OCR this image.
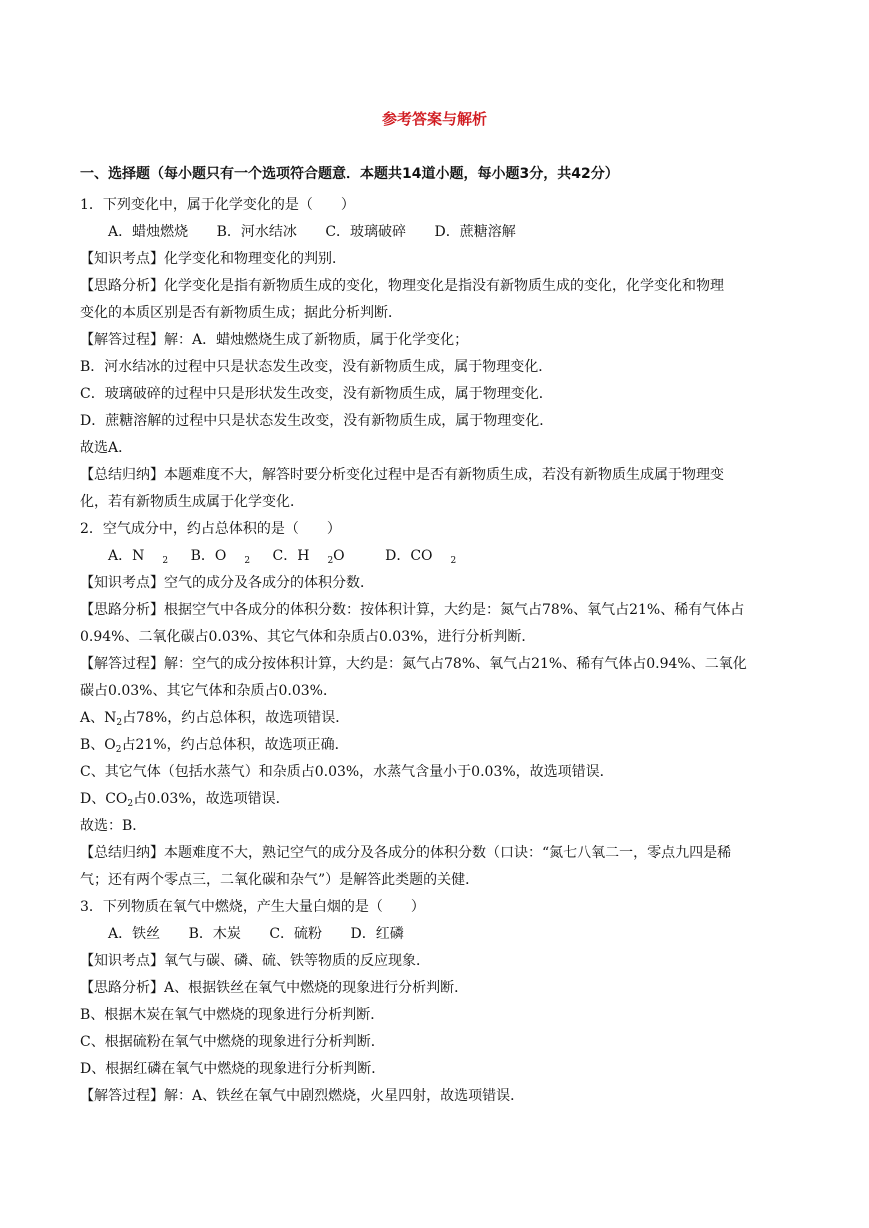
参考答案与解析
一、选择题（每小题只有一个选项符合题意．本题共14道小题，每小题3分，共42分）
1．下列变化中，属于化学变化的是（　　）
A．蜡烛燃烧 B．河水结冰 C．玻璃破碎 D．蔗糖溶解
【知识考点】化学变化和物理变化的判别．
【思路分析】化学变化是指有新物质生成的变化，物理变化是指没有新物质生成的变化，化学变化和物理
变化的本质区别是否有新物质生成；据此分析判断．
【解答过程】解：A．蜡烛燃烧生成了新物质，属于化学变化；
B．河水结冰的过程中只是状态发生改变，没有新物质生成，属于物理变化．
C．玻璃破碎的过程中只是形状发生改变，没有新物质生成，属于物理变化．
D．蔗糖溶解的过程中只是状态发生改变，没有新物质生成，属于物理变化．
故选A．
【总结归纳】本题难度不大，解答时要分析变化过程中是否有新物质生成，若没有新物质生成属于物理变
化，若有新物质生成属于化学变化．
2．空气成分中，约占总体积的是（　　）
A．N $_2$ B．O $_2$ C．H $_2$O	D．CO $_2$
【知识考点】空气的成分及各成分的体积分数．
【思路分析】根据空气中各成分的体积分数：按体积计算，大约是：氮气占78%、氧气占21%、稀有气体占
0.94%、二氧化碳占0.03%、其它气体和杂质占0.03%，进行分析判断．
【解答过程】解：空气的成分按体积计算，大约是：氮气占78%、氧气占21%、稀有气体占0.94%、二氧化
碳占0.03%、其它气体和杂质占0.03%．
A、$N_2$占78%，约占总体积，故选项错误．
B、$O_2$占21%，约占总体积，故选项正确．
C、其它气体（包括水蒸气）和杂质占0.03%，水蒸气含量小于0.03%，故选项错误．
D、$CO_2$占0.03%，故选项错误．
故选：B．
【总结归纳】本题难度不大，熟记空气的成分及各成分的体积分数（口诀：“氮七八氧二一，零点九四是稀
气；还有两个零点三，二氧化碳和杂气”）是解答此类题的关健．
3．下列物质在氧气中燃烧，产生大量白烟的是（　　）
A．铁丝 B．木炭 C．硫粉 D．红磷
【知识考点】氧气与碳、磷、硫、铁等物质的反应现象．
【思路分析】A、根据铁丝在氧气中燃烧的现象进行分析判断．
B、根据木炭在氧气中燃烧的现象进行分析判断．
C、根据硫粉在氧气中燃烧的现象进行分析判断．
D、根据红磷在氧气中燃烧的现象进行分析判断．
【解答过程】解：A、铁丝在氧气中剧烈燃烧，火星四射，故选项错误．
